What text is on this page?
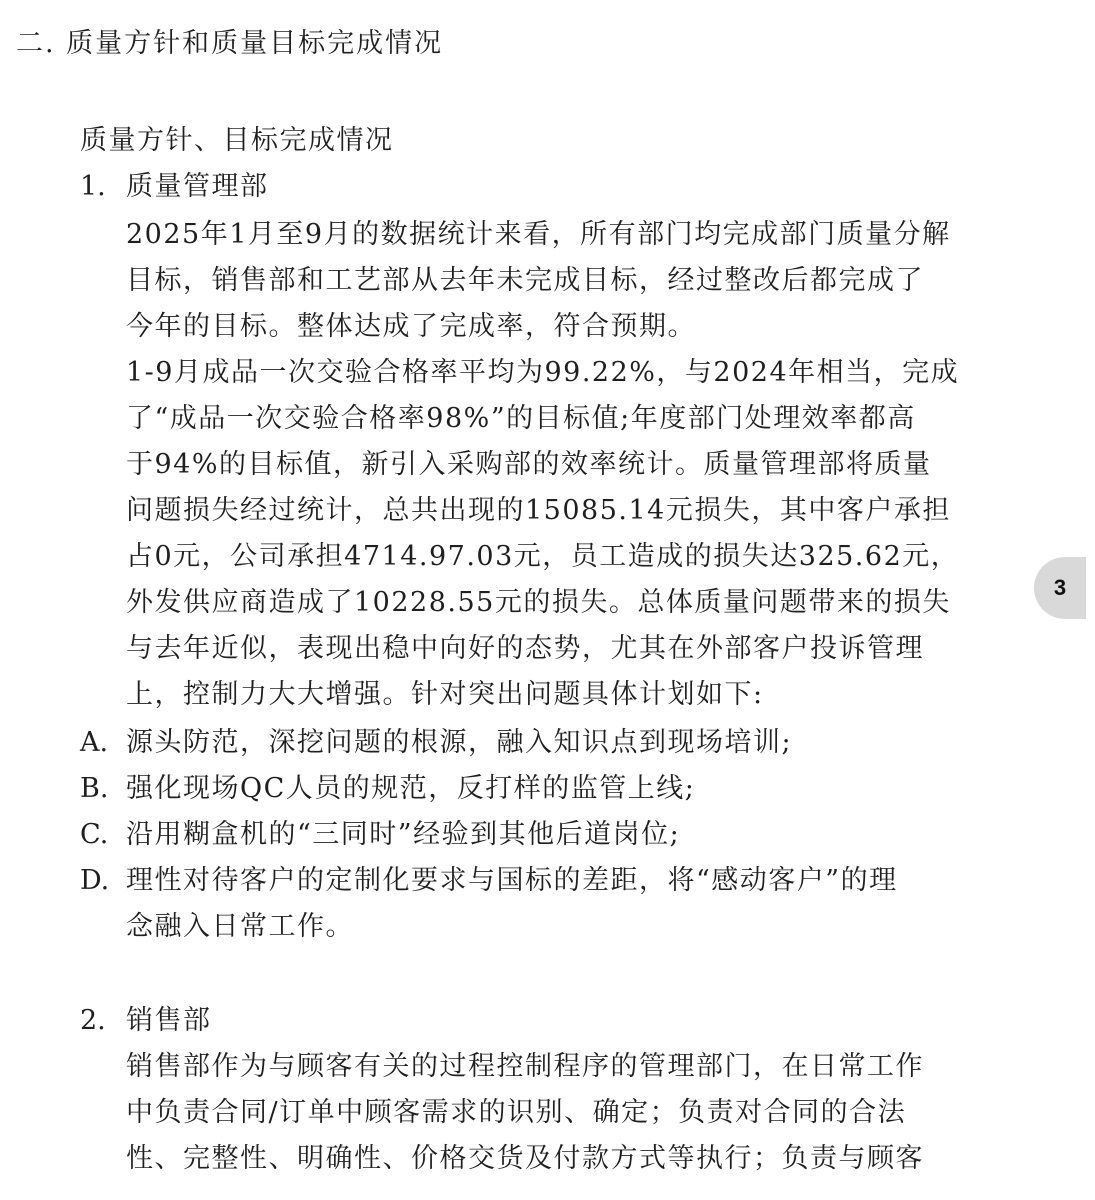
二. 质量方针和质量目标完成情况
质量方针、目标完成情况
1. 质量管理部
2025年1月至9月的数据统计来看，所有部门均完成部门质量分解
目标，销售部和工艺部从去年未完成目标，经过整改后都完成了
今年的目标。整体达成了完成率，符合预期。
1-9月成品一次交验合格率平均为99.22%，与2024年相当，完成
了“成品一次交验合格率98%”的目标值;年度部门处理效率都高
于94%的目标值，新引入采购部的效率统计。质量管理部将质量
问题损失经过统计，总共出现的15085.14元损失，其中客户承担
占0元，公司承担4714.97.03元，员工造成的损失达325.62元，
外发供应商造成了10228.55元的损失。总体质量问题带来的损失
与去年近似，表现出稳中向好的态势，尤其在外部客户投诉管理
上，控制力大大增强。针对突出问题具体计划如下:
A. 源头防范，深挖问题的根源，融入知识点到现场培训;
B. 强化现场QC人员的规范，反打样的监管上线;
C. 沿用糊盒机的“三同时”经验到其他后道岗位;
D. 理性对待客户的定制化要求与国标的差距，将“感动客户”的理
念融入日常工作。
2. 销售部
销售部作为与顾客有关的过程控制程序的管理部门，在日常工作
中负责合同/订单中顾客需求的识别、确定；负责对合同的合法
性、完整性、明确性、价格交货及付款方式等执行；负责与顾客
3
